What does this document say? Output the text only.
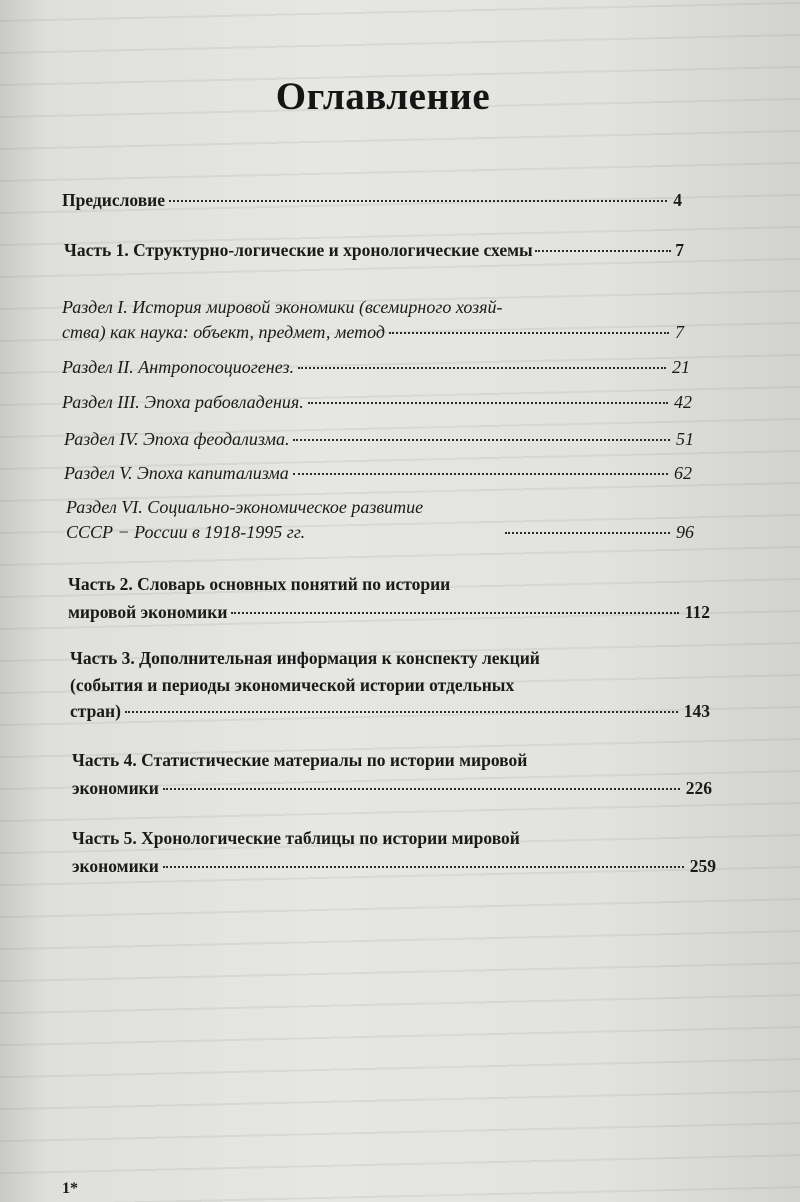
Оглавление
Предисловие	4
Часть 1. Структурно-логические и хронологические схемы	7
Раздел I. История мировой экономики (всемирного хозяй-
ства) как наука: объект, предмет, метод	7
Раздел II. Антропосоциогенез.	21
Раздел III. Эпоха рабовладения.	42
Раздел IV. Эпоха феодализма.	51
Раздел V. Эпоха капитализма	62
Раздел VI. Социально-экономическое развитие
СССР − России в 1918-1995 гг.	96
Часть 2. Словарь основных понятий по истории
мировой экономики	112
Часть 3. Дополнительная информация к конспекту лекций
(события и периоды экономической истории отдельных
стран)	143
Часть 4. Статистические материалы по истории мировой
экономики	226
Часть 5. Хронологические таблицы по истории мировой
экономики	259
1*
